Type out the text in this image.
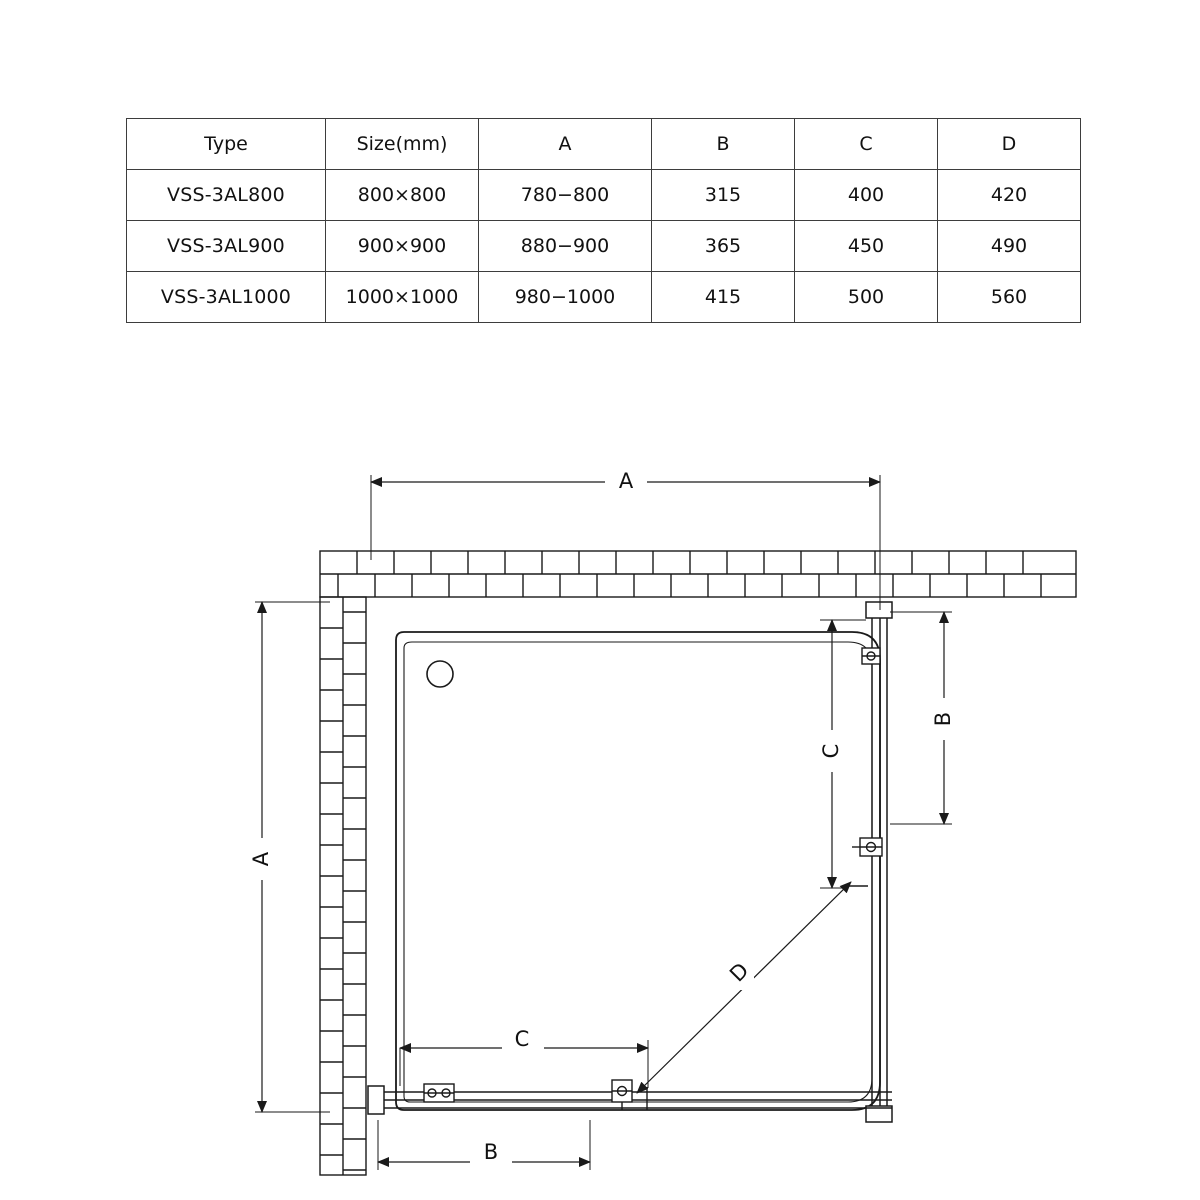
Type	Size(mm)	A	B	C	D
VSS-3AL800	800×800	780−800	315	400	420
VSS-3AL900	900×900	880−900	365	450	490
VSS-3AL1000	1000×1000	980−1000	415	500	560
A
A
B
C
C
B
D
